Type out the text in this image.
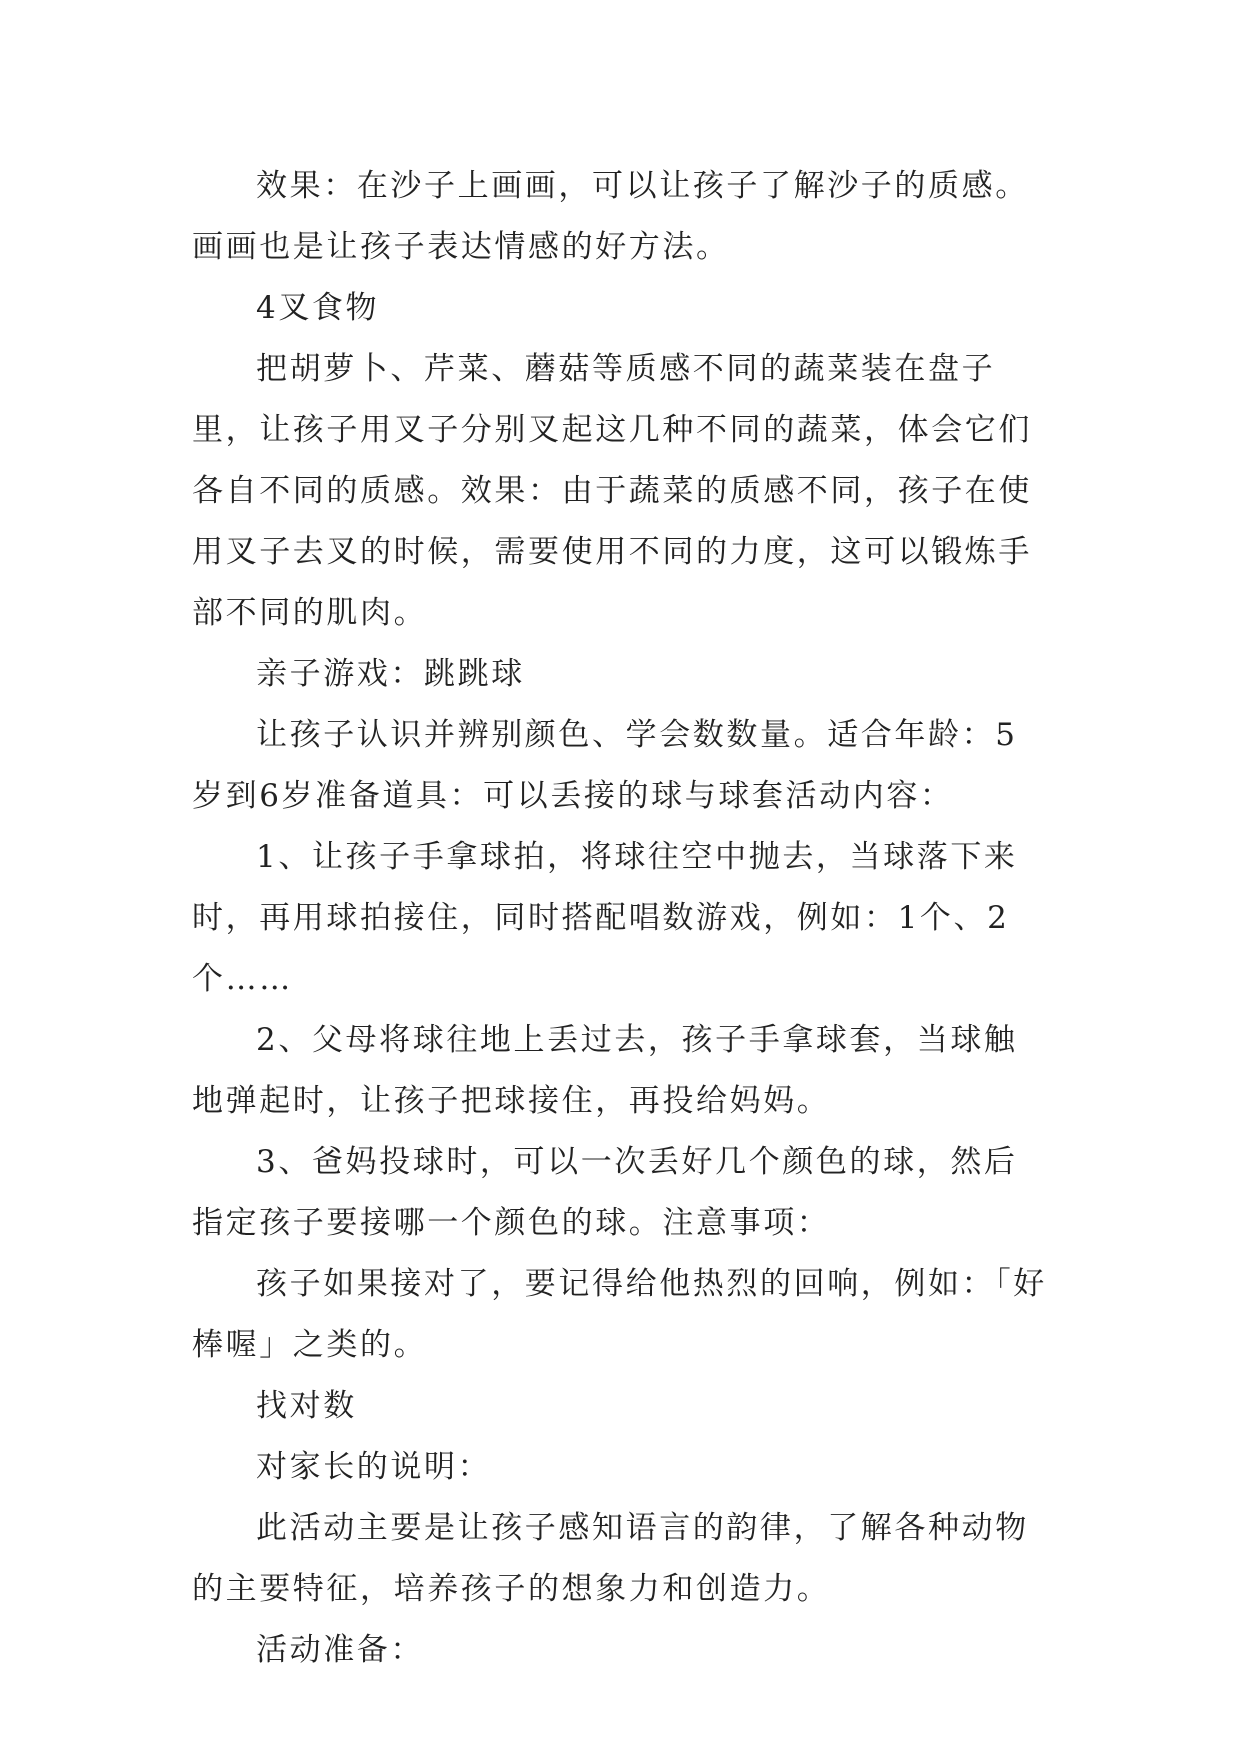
效果：在沙子上画画，可以让孩子了解沙子的质感。画画也是让孩子表达情感的好方法。

4叉食物

把胡萝卜、芹菜、蘑菇等质感不同的蔬菜装在盘子里，让孩子用叉子分别叉起这几种不同的蔬菜，体会它们各自不同的质感。效果：由于蔬菜的质感不同，孩子在使用叉子去叉的时候，需要使用不同的力度，这可以锻炼手部不同的肌肉。

亲子游戏：跳跳球

让孩子认识并辨别颜色、学会数数量。适合年龄：5岁到6岁准备道具：可以丢接的球与球套活动内容：

1、让孩子手拿球拍，将球往空中抛去，当球落下来时，再用球拍接住，同时搭配唱数游戏，例如：1个、2个……

2、父母将球往地上丢过去，孩子手拿球套，当球触地弹起时，让孩子把球接住，再投给妈妈。

3、爸妈投球时，可以一次丢好几个颜色的球，然后指定孩子要接哪一个颜色的球。注意事项：

孩子如果接对了，要记得给他热烈的回响，例如：「好棒喔」之类的。

找对数

对家长的说明：

此活动主要是让孩子感知语言的韵律，了解各种动物的主要特征，培养孩子的想象力和创造力。

活动准备：
